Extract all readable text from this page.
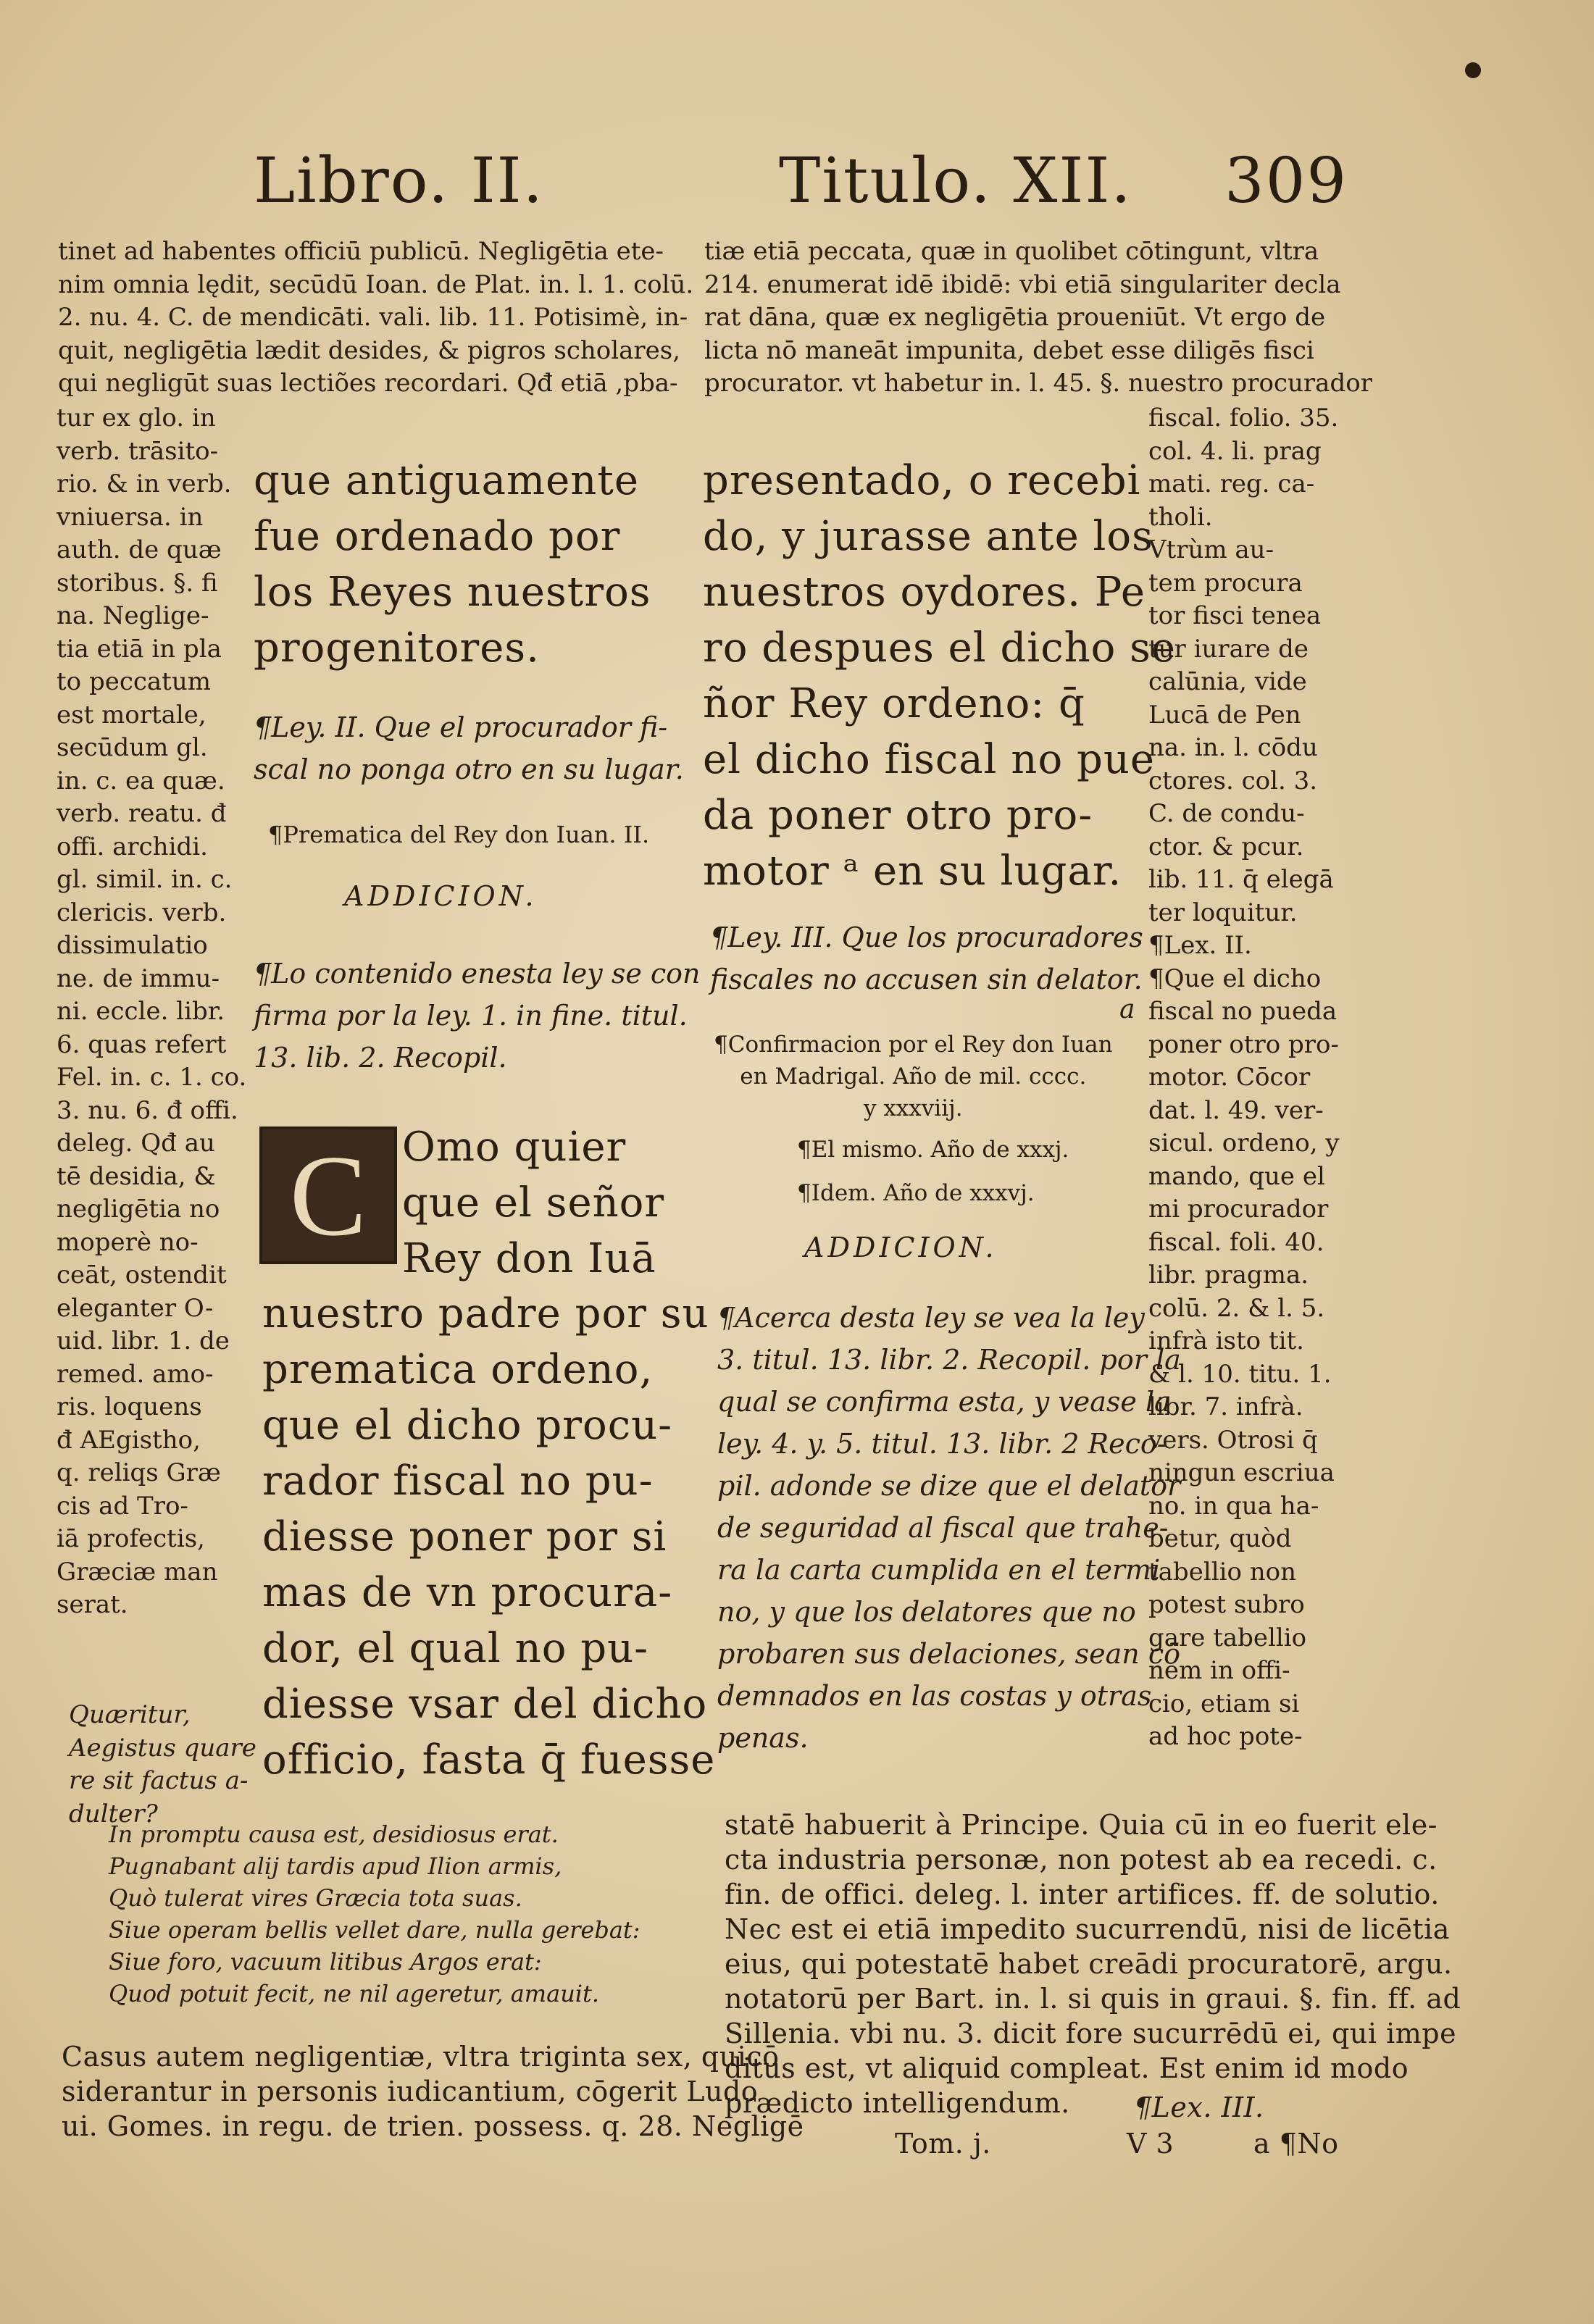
Libro. II.	Titulo. XII. 309

tinet ad habentes officiū publicū. Negligētia ete-

nim omnia lędit, secūdū Ioan. de Plat. in. l. 1. colū.

2. nu. 4. C. de mendicāti. vali. lib. 11. Potisimè, in-

quit, negligētia lædit desides, & pigros scholares,

qui negligūt suas lectiões recordari. Qđ etiā ,pba-

tur ex glo. in

verb. trāsito-

rio. & in verb.

vniuersa. in

auth. de quæ

storibus. §. fi

na. Neglige-

tia etiā in pla

to peccatum

est mortale,

secūdum gl.

in. c. ea quæ.

verb. reatu. đ

offi. archidi.

gl. simil. in. c.

clericis. verb.

dissimulatio

ne. de immu-

ni. eccle. libr.

6. quas refert

Fel. in. c. 1. co.

3. nu. 6. đ offi.

deleg. Qđ au

tē desidia, &

negligētia no

moperè no-

ceāt, ostendit

eleganter O-

uid. libr. 1. de

remed. amo-

ris. loquens

đ AEgistho,

q. reliqs Græ

cis ad Tro-

iā profectis,

Græciæ man

serat.

Quæritur,

Aegistus quare

re sit factus a-

dulter?

que antiguamente

fue ordenado por

los Reyes nuestros

progenitores.

¶Ley. II. Que el procurador fi-

scal no ponga otro en su lugar.

¶Prematica del Rey don Iuan. II.
ADDICION.

¶Lo contenido enesta ley se con

firma por la ley. 1. in fine. titul.

13. lib. 2. Recopil.

C Omo quier

que el señor

Rey don Iuā

nuestro padre por su

prematica ordeno,

que el dicho procu-

rador fiscal no pu-

diesse poner por si

mas de vn procura-

dor, el qual no pu-

diesse vsar del dicho

officio, fasta q̄ fuesse

tiæ etiā peccata, quæ in quolibet cōtingunt, vltra

214. enumerat idē ibidē: vbi etiā singulariter decla

rat dāna, quæ ex negligētia proueniūt. Vt ergo de

licta nō maneāt impunita, debet esse diligēs fisci

procurator. vt habetur in. l. 45. §. nuestro procurador

presentado, o recebi

do, y jurasse ante los

nuestros oydores. Pe

ro despues el dicho se

ñor Rey ordeno: q̄

el dicho fiscal no pue

da poner otro pro-

motor ᵃ en su lugar.

¶Ley. III. Que los procuradores

fiscales no accusen sin delator.

a

¶Confirmacion por el Rey don Iuan

en Madrigal. Año de mil. cccc.

y xxxviij.

¶El mismo. Año de xxxj.
¶Idem. Año de xxxvj.
ADDICION.

¶Acerca desta ley se vea la ley

3. titul. 13. libr. 2. Recopil. por la

qual se confirma esta, y vease la

ley. 4. y. 5. titul. 13. libr. 2 Reco-

pil. adonde se dize que el delator

de seguridad al fiscal que trahe-

ra la carta cumplida en el termi

no, y que los delatores que no

probaren sus delaciones, sean cō

demnados en las costas y otras

penas.

fiscal. folio. 35.

col. 4. li. prag

mati. reg. ca-

tholi.

Vtrùm au-

tem procura

tor fisci tenea

tur iurare de

calūnia, vide

Lucā de Pen

na. in. l. cōdu

ctores. col. 3.

C. de condu-

ctor. & pcur.

lib. 11. q̄ elegā

ter loquitur.

¶Lex. II.

¶Que el dicho

fiscal no pueda

poner otro pro-

motor. Cōcor

dat. l. 49. ver-

sicul. ordeno, y

mando, que el

mi procurador

fiscal. foli. 40.

libr. pragma.

colū. 2. & l. 5.

infrà isto tit.

& l. 10. titu. 1.

libr. 7. infrà.

vers. Otrosi q̄

ningun escriua

no. in qua ha-

betur, quòd

tabellio non

potest subro

gare tabellio

nem in offi-

cio, etiam si

ad hoc pote-

In promptu causa est, desidiosus erat.

Pugnabant alij tardis apud Ilion armis,

Quò tulerat vires Græcia tota suas.

Siue operam bellis vellet dare, nulla gerebat:

Siue foro, vacuum litibus Argos erat:

Quod potuit fecit, ne nil ageretur, amauit.

Casus autem negligentiæ, vltra triginta sex, quicō

siderantur in personis iudicantium, cōgerit Ludo

ui. Gomes. in regu. de trien. possess. q. 28. Negligē

statē habuerit à Principe. Quia cū in eo fuerit ele-

cta industria personæ, non potest ab ea recedi. c.

fin. de offici. deleg. l. inter artifices. ff. de solutio.

Nec est ei etiā impedito sucurrendū, nisi de licētia

eius, qui potestatē habet creādi procuratorē, argu.

notatorū per Bart. in. l. si quis in graui. §. fin. ff. ad

Sillenia. vbi nu. 3. dicit fore sucurrēdū ei, qui impe

ditus est, vt aliquid compleat. Est enim id modo

prædicto intelligendum.	¶Lex. III.
Tom. j.	V 3	a ¶No
